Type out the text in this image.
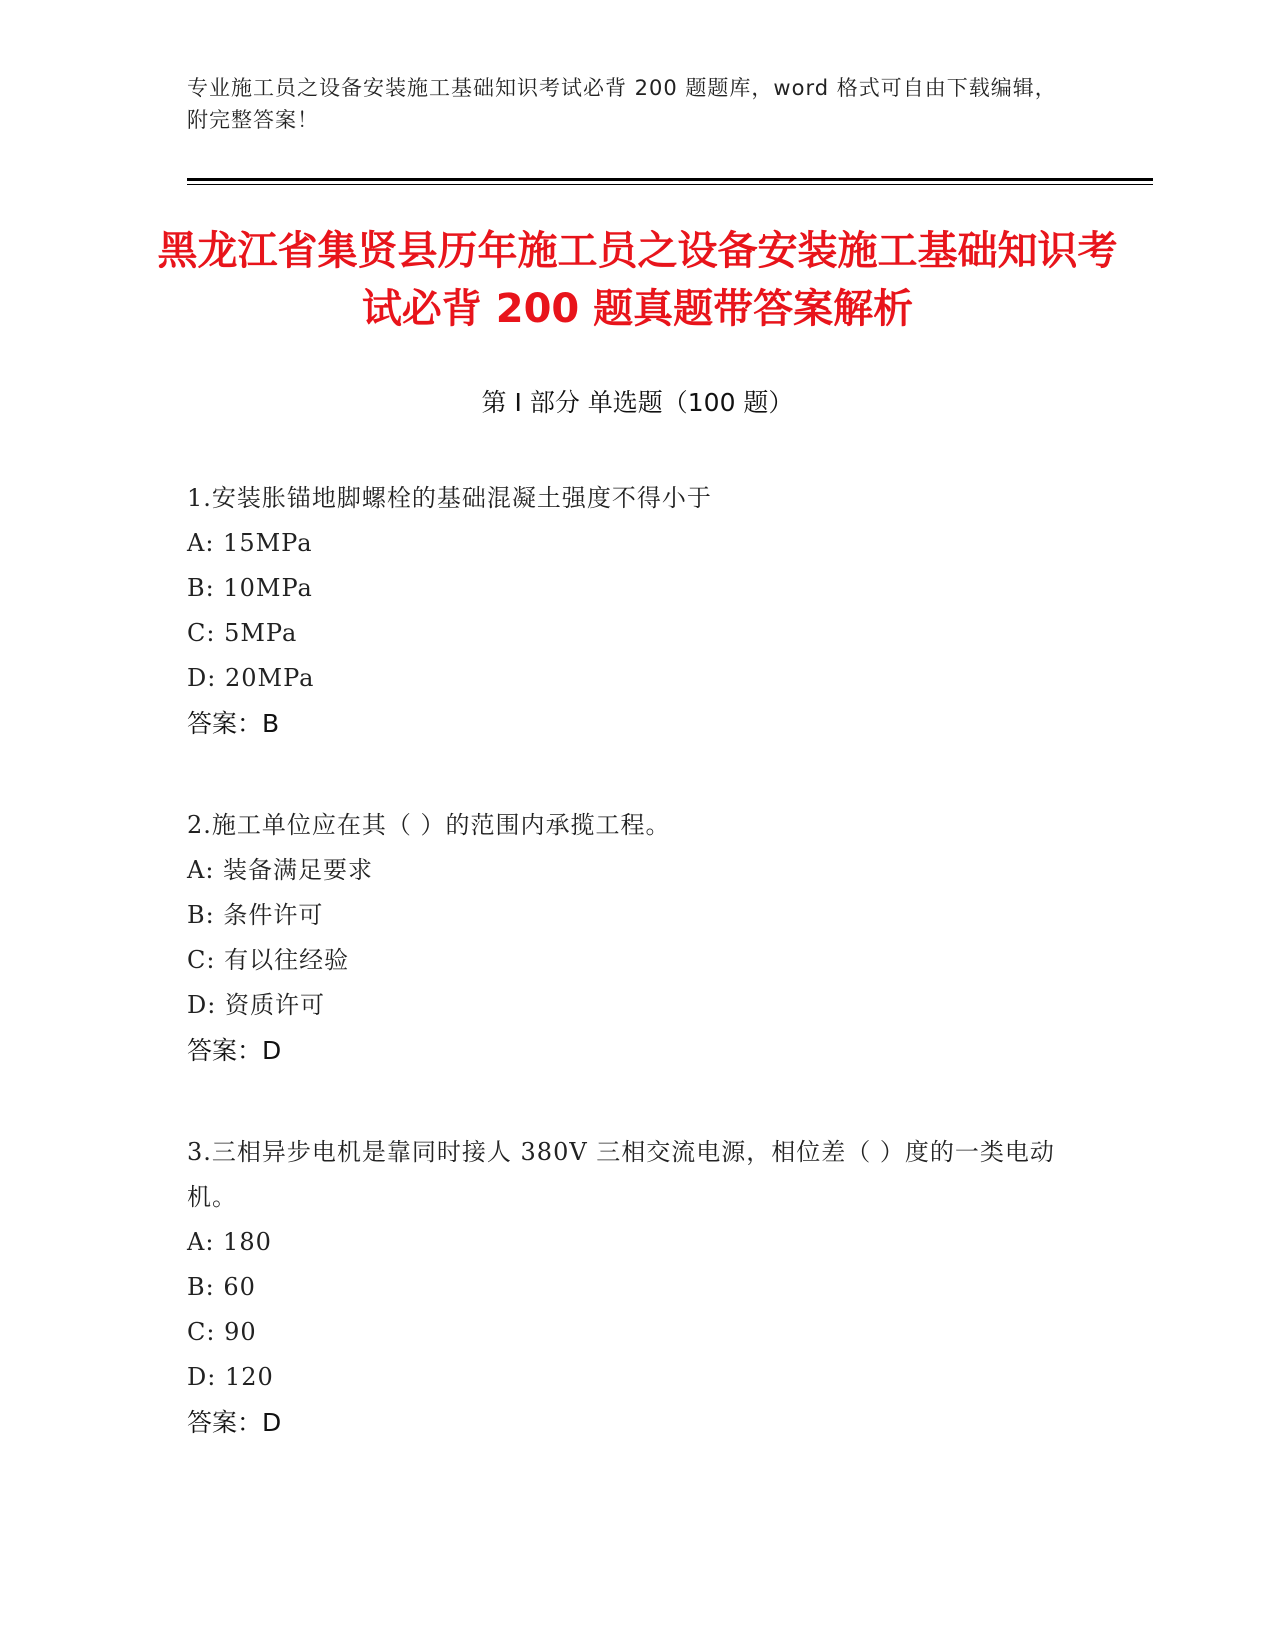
专业施工员之设备安装施工基础知识考试必背 200 题题库，word 格式可自由下载编辑，附完整答案！
黑龙江省集贤县历年施工员之设备安装施工基础知识考试必背 200 题真题带答案解析
第 I 部分 单选题（100 题）
1.安装胀锚地脚螺栓的基础混凝土强度不得小于
A: 15MPa
B: 10MPa
C: 5MPa
D: 20MPa
答案：B
2.施工单位应在其（ ）的范围内承揽工程。
A: 装备满足要求
B: 条件许可
C: 有以往经验
D: 资质许可
答案：D
3.三相异步电机是靠同时接人 380V 三相交流电源，相位差（ ）度的一类电动机。
A: 180
B: 60
C: 90
D: 120
答案：D
